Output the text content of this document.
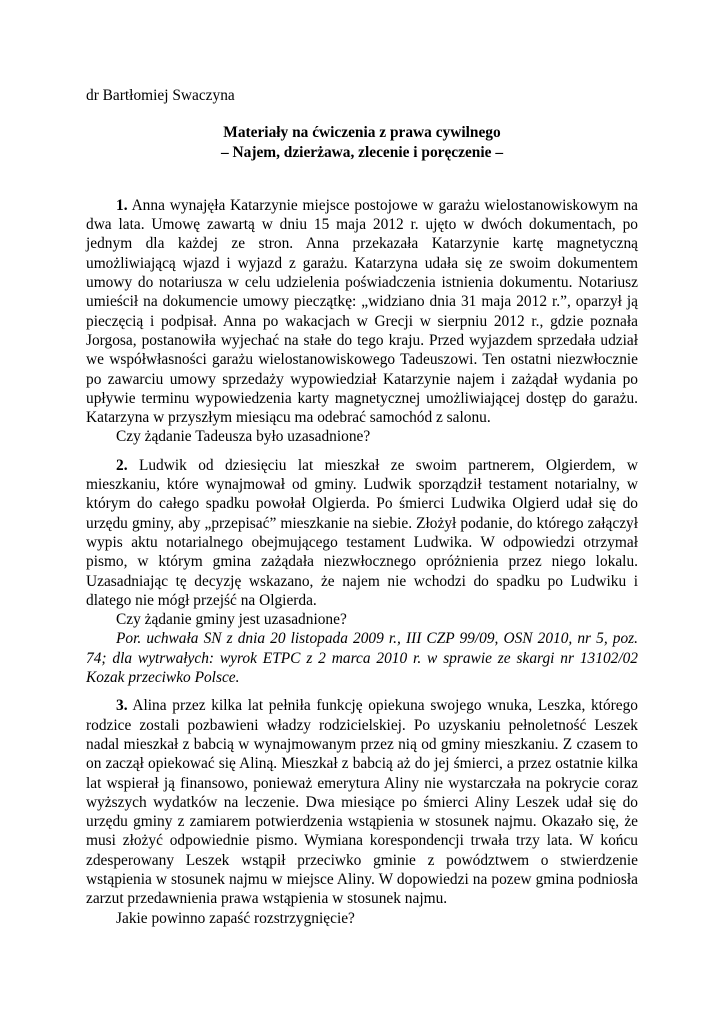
dr Bartłomiej Swaczyna
Materiały na ćwiczenia z prawa cywilnego
– Najem, dzierżawa, zlecenie i poręczenie –

1. Anna wynajęła Katarzynie miejsce postojowe w garażu wielostanowiskowym na dwa lata. Umowę zawartą w dniu 15 maja 2012 r. ujęto w dwóch dokumentach, po jednym dla każdej ze stron. Anna przekazała Katarzynie kartę magnetyczną umożliwiającą wjazd i wyjazd z garażu. Katarzyna udała się ze swoim dokumentem umowy do notariusza w celu udzielenia poświadczenia istnienia dokumentu. Notariusz umieścił na dokumencie umowy pieczątkę: „widziano dnia 31 maja 2012 r.”, oparzył ją pieczęcią i podpisał. Anna po wakacjach w Grecji w sierpniu 2012 r., gdzie poznała Jorgosa, postanowiła wyjechać na stałe do tego kraju. Przed wyjazdem sprzedała udział we współwłasności garażu wielostanowiskowego Tadeuszowi. Ten ostatni niezwłocznie po zawarciu umowy sprzedaży wypowiedział Katarzynie najem i zażądał wydania po upływie terminu wypowiedzenia karty magnetycznej umożliwiającej dostęp do garażu. Katarzyna w przyszłym miesiącu ma odebrać samochód z salonu.

Czy żądanie Tadeusza było uzasadnione?

2. Ludwik od dziesięciu lat mieszkał ze swoim partnerem, Olgierdem, w mieszkaniu, które wynajmował od gminy. Ludwik sporządził testament notarialny, w którym do całego spadku powołał Olgierda. Po śmierci Ludwika Olgierd udał się do urzędu gminy, aby „przepisać” mieszkanie na siebie. Złożył podanie, do którego załączył wypis aktu notarialnego obejmującego testament Ludwika. W odpowiedzi otrzymał pismo, w którym gmina zażądała niezwłocznego opróżnienia przez niego lokalu. Uzasadniając tę decyzję wskazano, że najem nie wchodzi do spadku po Ludwiku i dlatego nie mógł przejść na Olgierda.

Czy żądanie gminy jest uzasadnione?

Por. uchwała SN z dnia 20 listopada 2009 r., III CZP 99/09, OSN 2010, nr 5, poz. 74; dla wytrwałych: wyrok ETPC z 2 marca 2010 r. w sprawie ze skargi nr 13102/02 Kozak przeciwko Polsce.

3. Alina przez kilka lat pełniła funkcję opiekuna swojego wnuka, Leszka, którego rodzice zostali pozbawieni władzy rodzicielskiej. Po uzyskaniu pełnoletność Leszek nadal mieszkał z babcią w wynajmowanym przez nią od gminy mieszkaniu. Z czasem to on zaczął opiekować się Aliną. Mieszkał z babcią aż do jej śmierci, a przez ostatnie kilka lat wspierał ją finansowo, ponieważ emerytura Aliny nie wystarczała na pokrycie coraz wyższych wydatków na leczenie. Dwa miesiące po śmierci Aliny Leszek udał się do urzędu gminy z zamiarem potwierdzenia wstąpienia w stosunek najmu. Okazało się, że musi złożyć odpowiednie pismo. Wymiana korespondencji trwała trzy lata. W końcu zdesperowany Leszek wstąpił przeciwko gminie z powództwem o stwierdzenie wstąpienia w stosunek najmu w miejsce Aliny. W dopowiedzi na pozew gmina podniosła zarzut przedawnienia prawa wstąpienia w stosunek najmu.

Jakie powinno zapaść rozstrzygnięcie?
